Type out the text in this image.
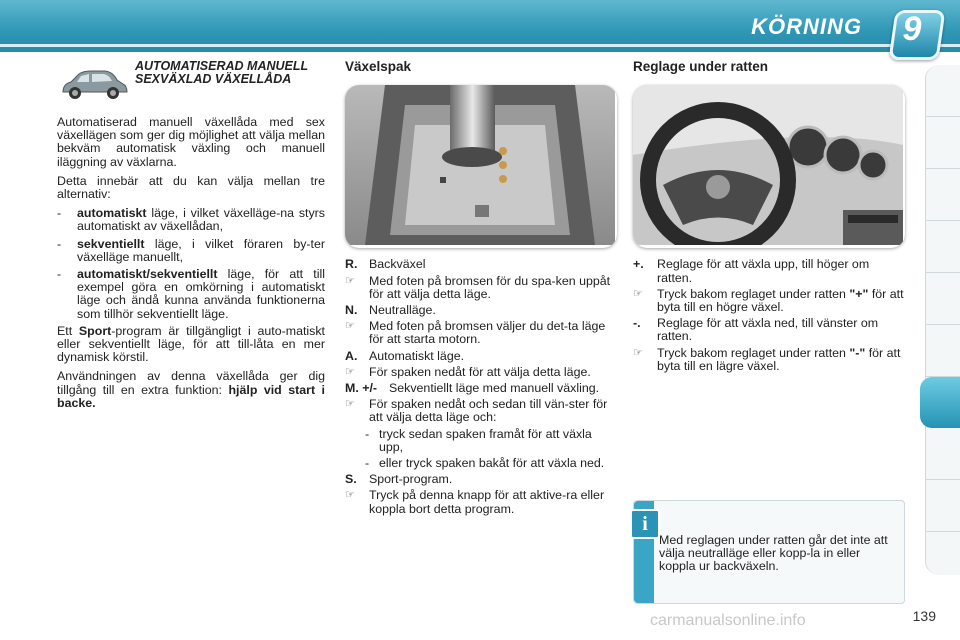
KÖRNING	9
AUTOMATISERAD MANUELL
SEXVÄXLAD VÄXELLÅDA

Automatiserad manuell växellåda med sex växellägen som ger dig möjlighet att välja mellan bekväm automatisk växling och manuell iläggning av växlarna.

Detta innebär att du kan välja mellan tre alternativ:

-	automatiskt läge, i vilket växelläge-na styrs automatiskt av växellådan,
-	sekventiellt läge, i vilket föraren by-ter växelläge manuellt,
-	automatiskt/sekventiellt läge, för att till exempel göra en omkörning i automatiskt läge och ändå kunna använda funktionerna som tillhör sekventiellt läge.

Ett Sport-program är tillgängligt i auto-matiskt eller sekventiellt läge, för att till-låta en mer dynamisk körstil.

Användningen av denna växellåda ger dig tillgång till en extra funktion: hjälp vid start i backe.

Växelspak
R. Backväxel
☞	Med foten på bromsen för du spa-ken uppåt för att välja detta läge.
N. Neutralläge.
☞	Med foten på bromsen väljer du det-ta läge för att starta motorn.
A. Automatiskt läge.
☞	För spaken nedåt för att välja detta läge.
M. +/- Sekventiellt läge med manuell växling.
☞	För spaken nedåt och sedan till vän-ster för att välja detta läge och:
- tryck sedan spaken framåt för att växla upp,
- eller tryck spaken bakåt för att växla ned.
S. Sport-program.
☞	Tryck på denna knapp för att aktive-ra eller koppla bort detta program.
Reglage under ratten
+.	Reglage för att växla upp, till höger om ratten.
☞	Tryck bakom reglaget under ratten "+" för att byta till en högre växel.
-.	Reglage för att växla ned, till vänster om ratten.
☞	Tryck bakom reglaget under ratten "-" för att byta till en lägre växel.
i
Med reglagen under ratten går det inte att välja neutralläge eller kopp-la in eller koppla ur backväxeln.
carmanualsonline.info	139
